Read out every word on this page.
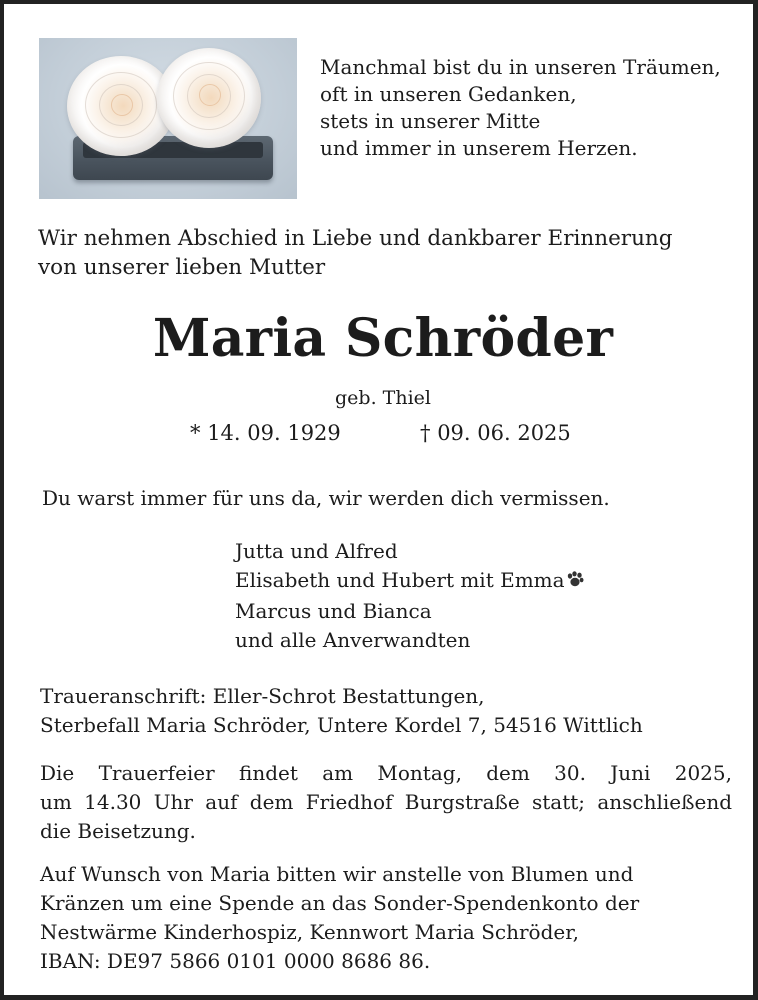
Manchmal bist du in unseren Träumen,
oft in unseren Gedanken,
stets in unserer Mitte
und immer in unserem Herzen.
Wir nehmen Abschied in Liebe und dankbarer Erinnerung
von unserer lieben Mutter
Maria Schröder
geb. Thiel
* 14. 09. 1929	† 09. 06. 2025
Du warst immer für uns da, wir werden dich vermissen.
Jutta und Alfred
Elisabeth und Hubert mit Emma
Marcus und Bianca
und alle Anverwandten
Traueranschrift: Eller-Schrot Bestattungen,
Sterbefall Maria Schröder, Untere Kordel 7, 54516 Wittlich
Die Trauerfeier findet am Montag, dem 30. Juni 2025,
um 14.30 Uhr auf dem Friedhof Burgstraße statt; anschließend
die Beisetzung.
Auf Wunsch von Maria bitten wir anstelle von Blumen und
Kränzen um eine Spende an das Sonder-Spendenkonto der
Nestwärme Kinderhospiz, Kennwort Maria Schröder,
IBAN: DE97 5866 0101 0000 8686 86.
